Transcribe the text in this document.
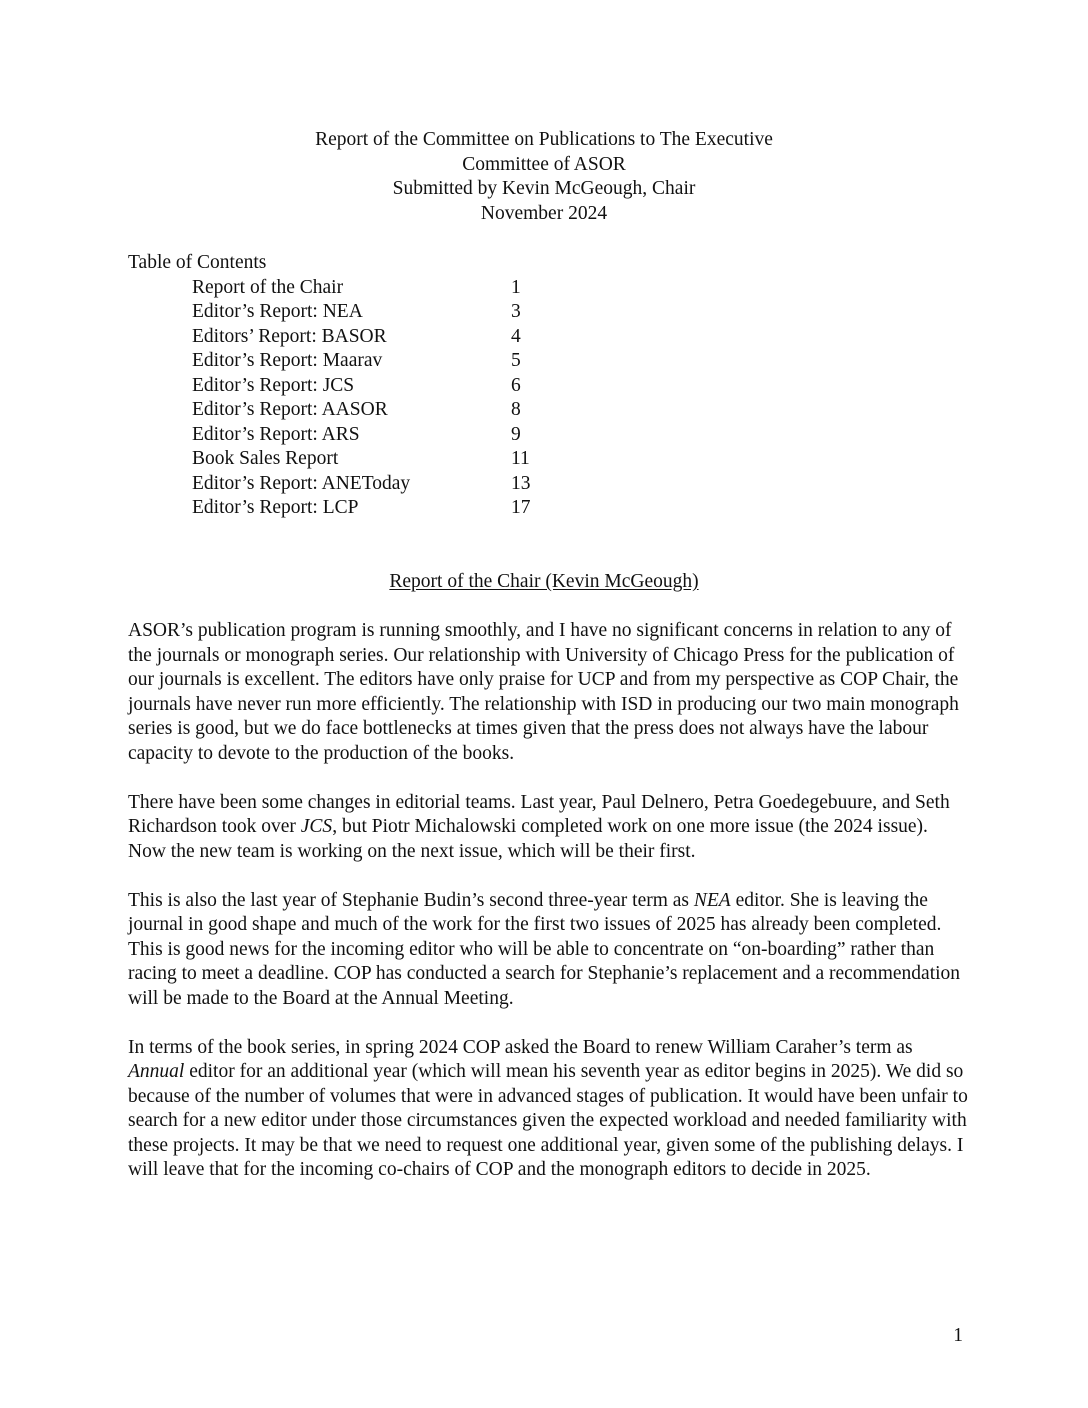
Report of the Committee on Publications to The Executive
Committee of ASOR
Submitted by Kevin McGeough, Chair
November 2024
Table of Contents
Report of the Chair	1
Editor’s Report: NEA	3
Editors’ Report: BASOR	4
Editor’s Report: Maarav	5
Editor’s Report: JCS	6
Editor’s Report: AASOR	8
Editor’s Report: ARS	9
Book Sales Report	11
Editor’s Report: ANEToday	13
Editor’s Report: LCP	17
Report of the Chair (Kevin McGeough)

ASOR’s publication program is running smoothly, and I have no significant concerns in relation to any of the journals or monograph series. Our relationship with University of Chicago Press for the publication of our journals is excellent. The editors have only praise for UCP and from my perspective as COP Chair, the journals have never run more efficiently. The relationship with ISD in producing our two main monograph series is good, but we do face bottlenecks at times given that the press does not always have the labour capacity to devote to the production of the books.

There have been some changes in editorial teams. Last year, Paul Delnero, Petra Goedegebuure, and Seth Richardson took over JCS, but Piotr Michalowski completed work on one more issue (the 2024 issue). Now the new team is working on the next issue, which will be their first.

This is also the last year of Stephanie Budin’s second three-year term as NEA editor. She is leaving the journal in good shape and much of the work for the first two issues of 2025 has already been completed. This is good news for the incoming editor who will be able to concentrate on “on-boarding” rather than racing to meet a deadline. COP has conducted a search for Stephanie’s replacement and a recommendation will be made to the Board at the Annual Meeting.

In terms of the book series, in spring 2024 COP asked the Board to renew William Caraher’s term as Annual editor for an additional year (which will mean his seventh year as editor begins in 2025). We did so because of the number of volumes that were in advanced stages of publication. It would have been unfair to search for a new editor under those circumstances given the expected workload and needed familiarity with these projects. It may be that we need to request one additional year, given some of the publishing delays. I will leave that for the incoming co-chairs of COP and the monograph editors to decide in 2025.

1
